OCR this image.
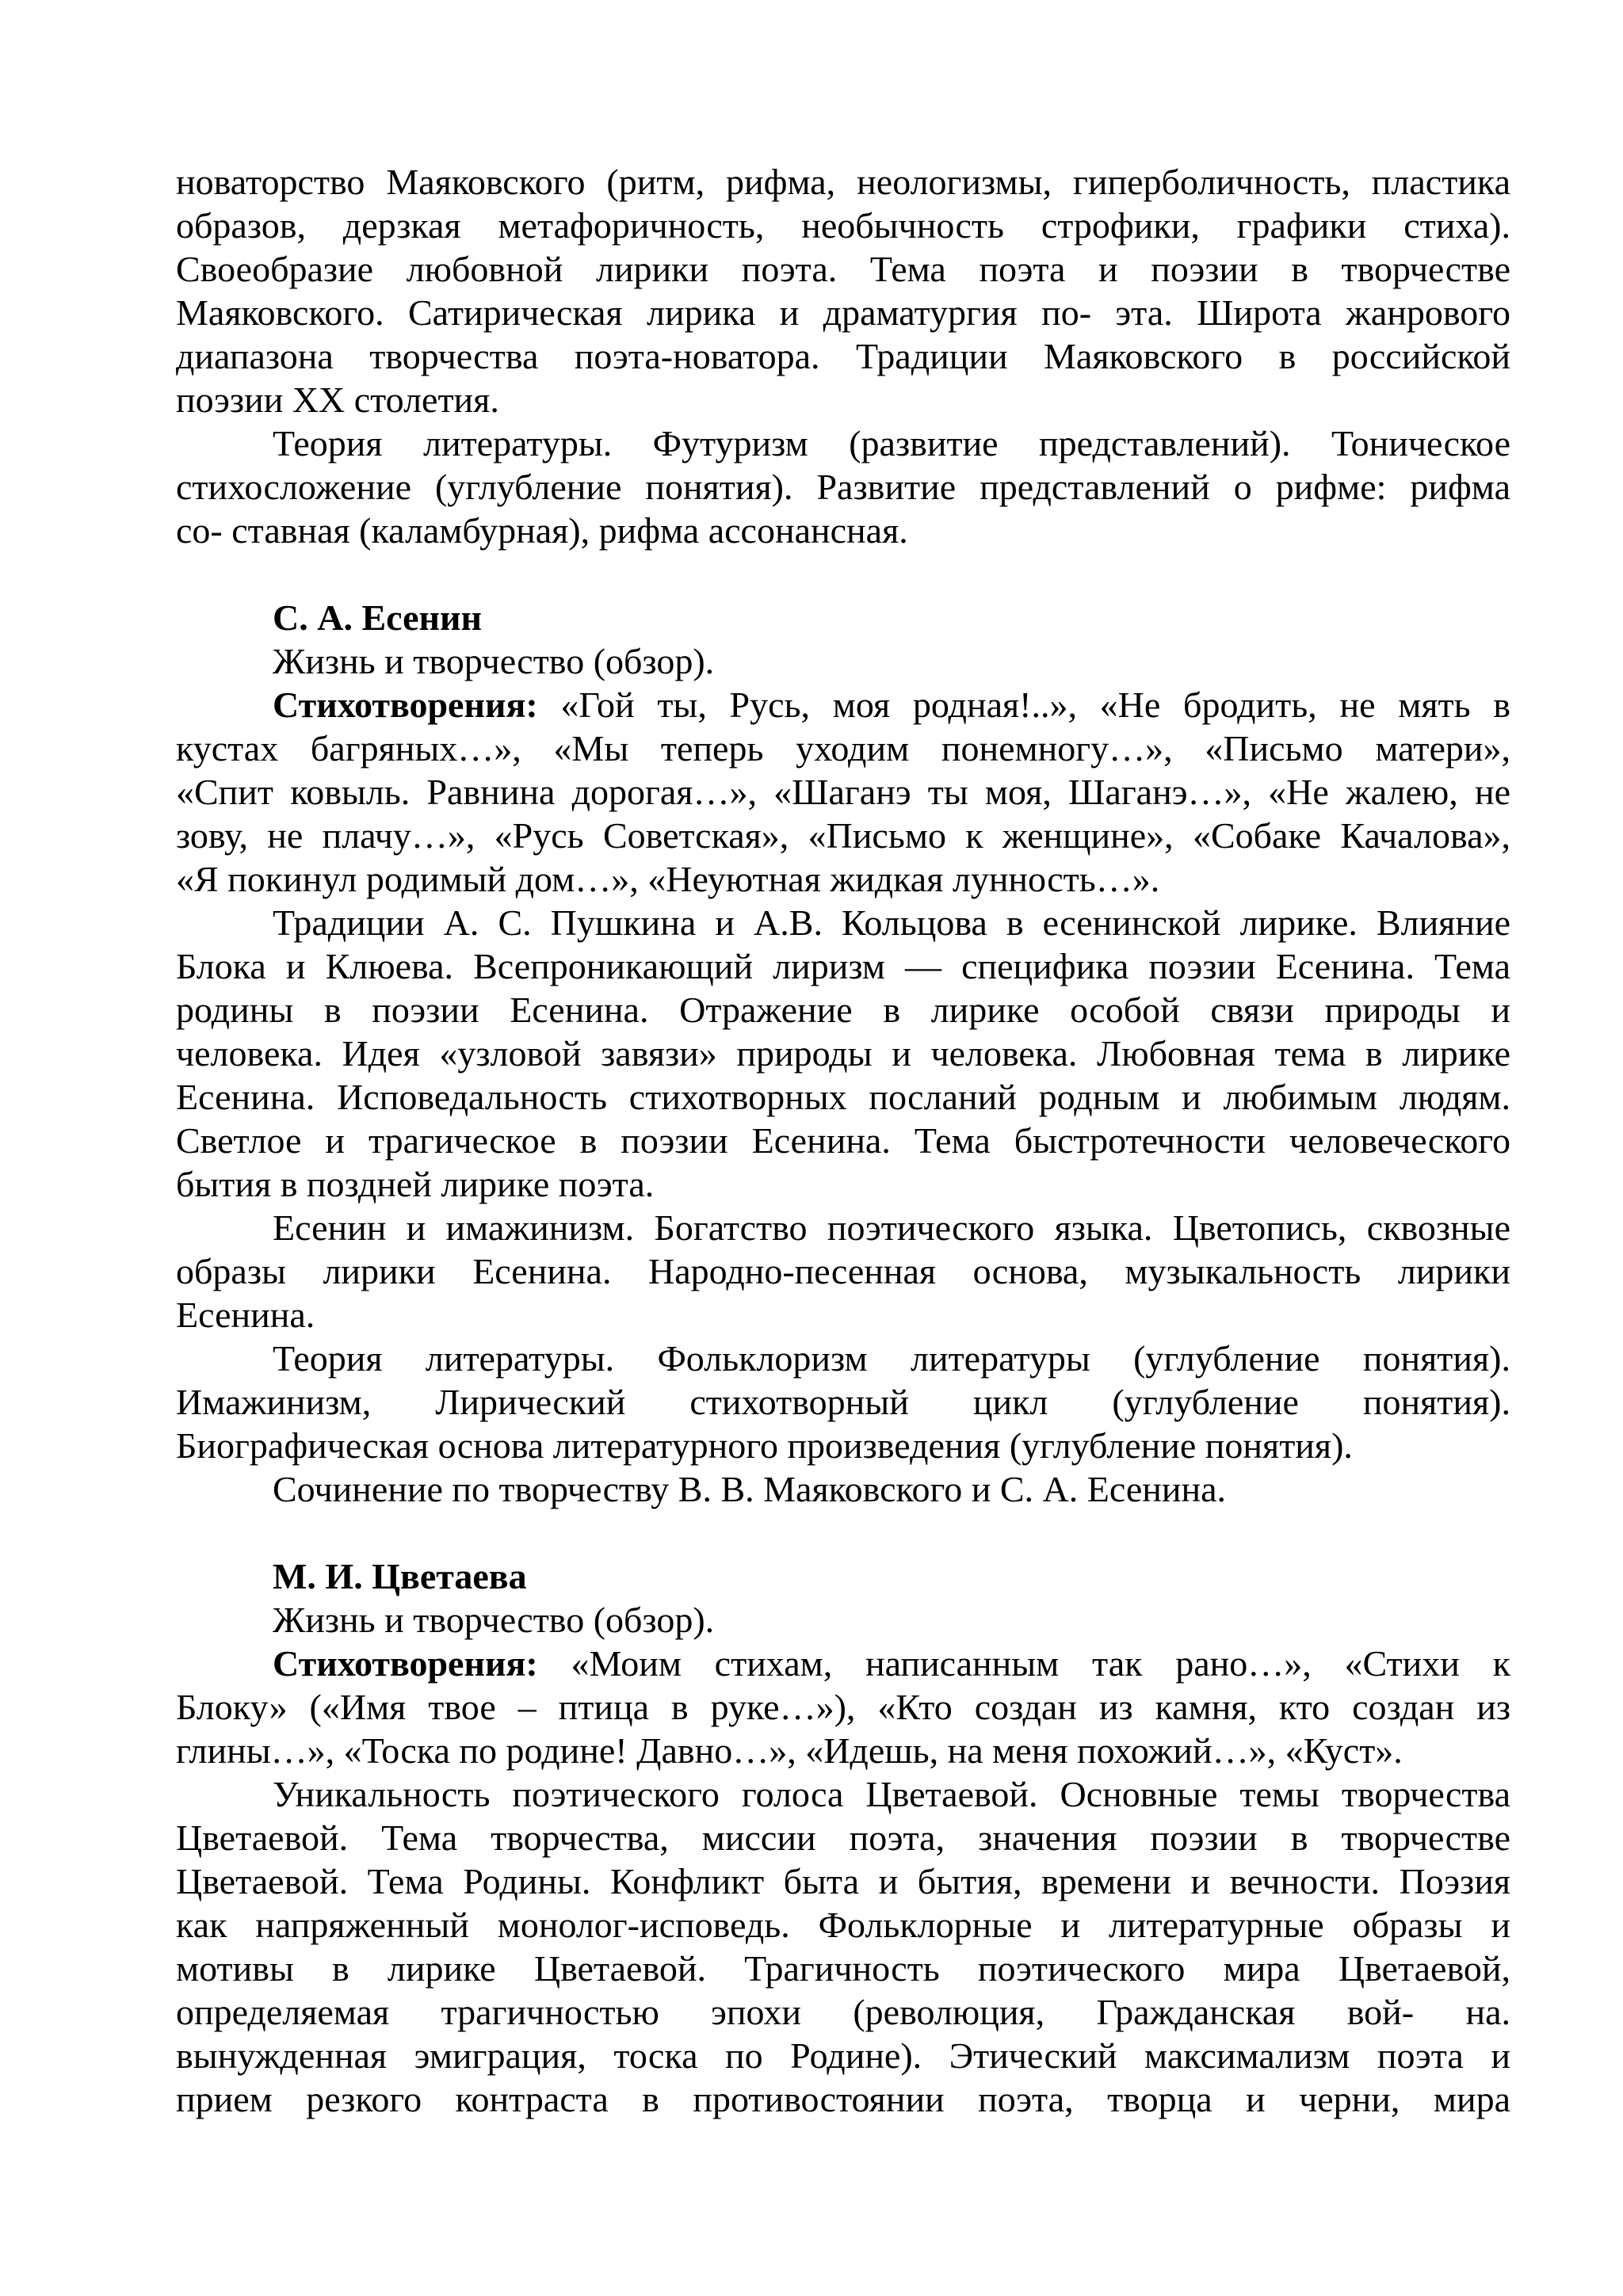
новаторство Маяковского (ритм, рифма, неологизмы, гиперболичность, пластика
образов, дерзкая метафоричность, необычность строфики, графики стиха).
Своеобразие любовной лирики поэта. Тема поэта и поэзии в творчестве
Маяковского. Сатирическая лирика и драматургия по- эта. Широта жанрового
диапазона творчества поэта-новатора. Традиции Маяковского в российской
поэзии XX столетия.
Теория литературы. Футуризм (развитие представлений). Тоническое
стихосложение (углубление понятия). Развитие представлений о рифме: рифма
со- ставная (каламбурная), рифма ассонансная.
С. А. Есенин
Жизнь и творчество (обзор).
Стихотворения: «Гой ты, Русь, моя родная!..», «Не бродить, не мять в
кустах багряных…», «Мы теперь уходим понемногу…», «Письмо матери»,
«Спит ковыль. Равнина дорогая…», «Шаганэ ты моя, Шаганэ…», «Не жалею, не
зову, не плачу…», «Русь Советская», «Письмо к женщине», «Собаке Качалова»,
«Я покинул родимый дом…», «Неуютная жидкая лунность…».
Традиции А. С. Пушкина и А.В. Кольцова в есенинской лирике. Влияние
Блока и Клюева. Всепроникающий лиризм — специфика поэзии Есенина. Тема
родины в поэзии Есенина. Отражение в лирике особой связи природы и
человека. Идея «узловой завязи» природы и человека. Любовная тема в лирике
Есенина. Исповедальность стихотворных посланий родным и любимым людям.
Светлое и трагическое в поэзии Есенина. Тема быстротечности человеческого
бытия в поздней лирике поэта.
Есенин и имажинизм. Богатство поэтического языка. Цветопись, сквозные
образы лирики Есенина. Народно-песенная основа, музыкальность лирики
Есенина.
Теория литературы. Фольклоризм литературы (углубление понятия).
Имажинизм, Лирический стихотворный цикл (углубление понятия).
Биографическая основа литературного произведения (углубление понятия).
Сочинение по творчеству В. В. Маяковского и С. А. Есенина.
М. И. Цветаева
Жизнь и творчество (обзор).
Стихотворения: «Моим стихам, написанным так рано…», «Стихи к
Блоку» («Имя твое – птица в руке…»), «Кто создан из камня, кто создан из
глины…», «Тоска по родине! Давно…», «Идешь, на меня похожий…», «Куст».
Уникальность поэтического голоса Цветаевой. Основные темы творчества
Цветаевой. Тема творчества, миссии поэта, значения поэзии в творчестве
Цветаевой. Тема Родины. Конфликт быта и бытия, времени и вечности. Поэзия
как напряженный монолог-исповедь. Фольклорные и литературные образы и
мотивы в лирике Цветаевой. Трагичность поэтического мира Цветаевой,
определяемая трагичностью эпохи (революция, Гражданская вой- на.
вынужденная эмиграция, тоска по Родине). Этический максимализм поэта и
прием резкого контраста в противостоянии поэта, творца и черни, мира
